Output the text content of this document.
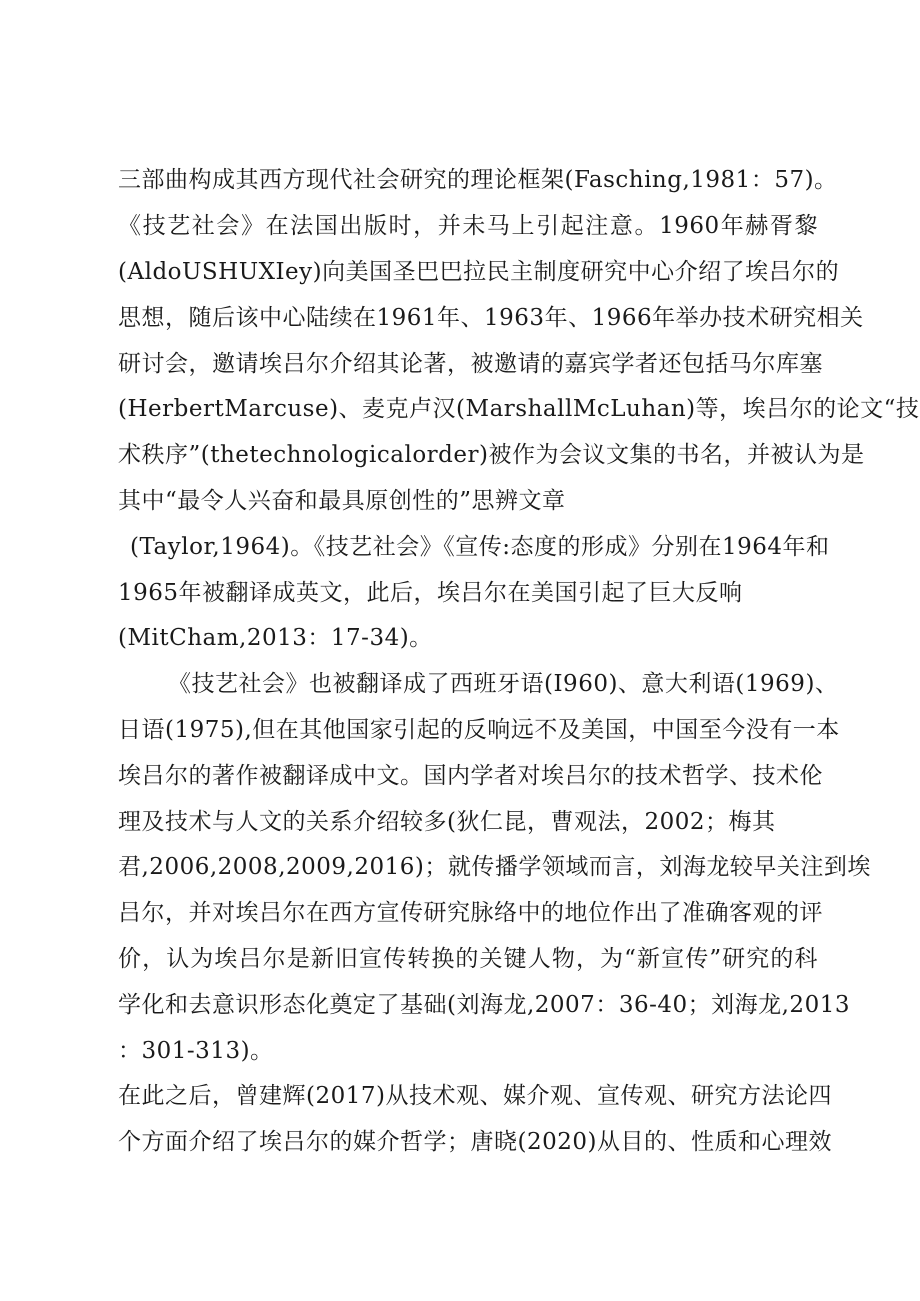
三部曲构成其西方现代社会研究的理论框架(Fasching,1981：57)。
《技艺社会》在法国出版时，并未马上引起注意。1960年赫胥黎
(AldoUSHUXIey)向美国圣巴巴拉民主制度研究中心介绍了埃吕尔的
思想，随后该中心陆续在1961年、1963年、1966年举办技术研究相关
研讨会，邀请埃吕尔介绍其论著，被邀请的嘉宾学者还包括马尔库塞
(HerbertMarcuse)、麦克卢汉(MarshallMcLuhan)等，埃吕尔的论文“技
术秩序”(thetechnologicalorder)被作为会议文集的书名，并被认为是
其中“最令人兴奋和最具原创性的”思辨文章
(Taylor,1964)。《技艺社会》《宣传:态度的形成》分别在1964年和
1965年被翻译成英文，此后，埃吕尔在美国引起了巨大反响
(MitCham,2013：17-34)。
《技艺社会》也被翻译成了西班牙语(I960)、意大利语(1969)、
日语(1975),但在其他国家引起的反响远不及美国，中国至今没有一本
埃吕尔的著作被翻译成中文。国内学者对埃吕尔的技术哲学、技术伦
理及技术与人文的关系介绍较多(狄仁昆，曹观法，2002；梅其
君,2006,2008,2009,2016)；就传播学领域而言，刘海龙较早关注到埃
吕尔，并对埃吕尔在西方宣传研究脉络中的地位作出了准确客观的评
价，认为埃吕尔是新旧宣传转换的关键人物，为“新宣传”研究的科
学化和去意识形态化奠定了基础(刘海龙,2007：36-40；刘海龙,2013
：301-313)。
在此之后，曾建辉(2017)从技术观、媒介观、宣传观、研究方法论四
个方面介绍了埃吕尔的媒介哲学；唐晓(2020)从目的、性质和心理效
